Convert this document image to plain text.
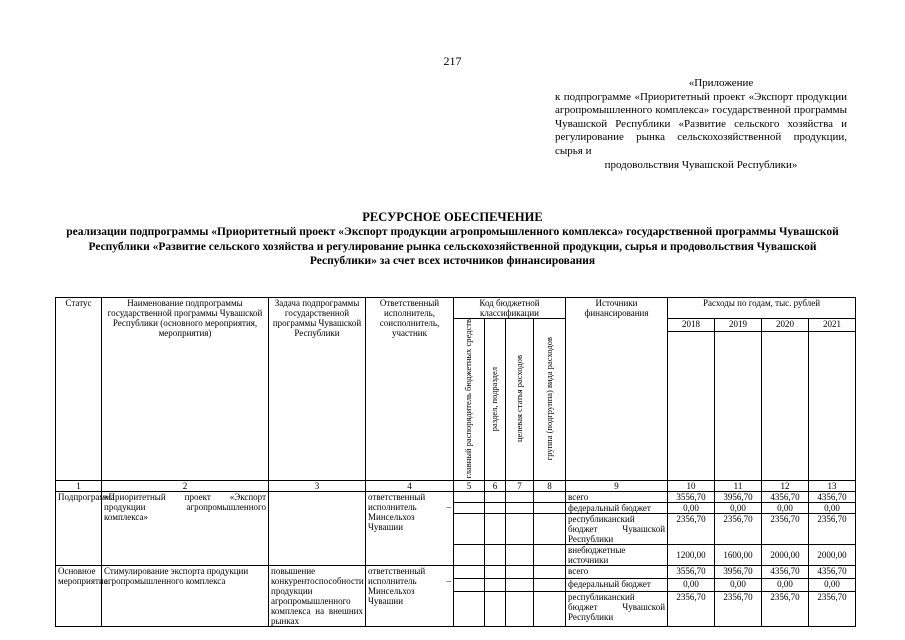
217
«Приложение
к подпрограмме «Приоритетный проект «Экспорт продукции агропромышленного комплекса» государственной программы Чувашской Республики «Развитие сельского хозяйства и регулирование рынка сельскохозяйственной продукции, сырья и
продовольствия Чувашской Республики»
РЕСУРСНОЕ ОБЕСПЕЧЕНИЕ
реализации подпрограммы «Приоритетный проект «Экспорт продукции агропромышленного комплекса» государственной программы Чувашской Республики «Развитие сельского хозяйства и регулирование рынка сельскохозяйственной продукции, сырья и продовольствия Чувашской Республики» за счет всех источников финансирования
Статус	Наименование подпрограммы государственной программы Чувашской Республики (основного мероприятия, мероприятия)	Задача подпрограммы государственной программы Чувашской Республики	Ответственный исполнитель, соисполнитель, участник	Код бюджетной классификации				Источники финансирования	Расходы по годам, тыс. рублей			
				главный распорядитель бюджетных средств	раздел, подраздел	целевая статья расходов	группа (подгруппа) вида расходов		2018	2019	2020	2021

1	2	3	4	5	6	7	8	9	10	11	12	13
Подпрограмма	«Приоритетный проект «Экспорт продукции агропромышленного комплекса»		ответственный исполнитель – Минсельхоз Чувашии					всего	3556,70	3956,70	4356,70	4356,70
								федеральный бюджет	0,00	0,00	0,00	0,00
								республиканский бюджет Чувашской Республики	2356,70	2356,70	2356,70	2356,70
								внебюджетные источники	1200,00	1600,00	2000,00	2000,00
Основное мероприятие	Стимулирование экспорта продукции агропромышленного комплекса	повышение конкурентоспособности продукции агропромышленного комплекса на внешних рынках	ответственный исполнитель – Минсельхоз Чувашии					всего	3556,70	3956,70	4356,70	4356,70
								федеральный бюджет	0,00	0,00	0,00	0,00
								республиканский бюджет Чувашской Республики	2356,70	2356,70	2356,70	2356,70
